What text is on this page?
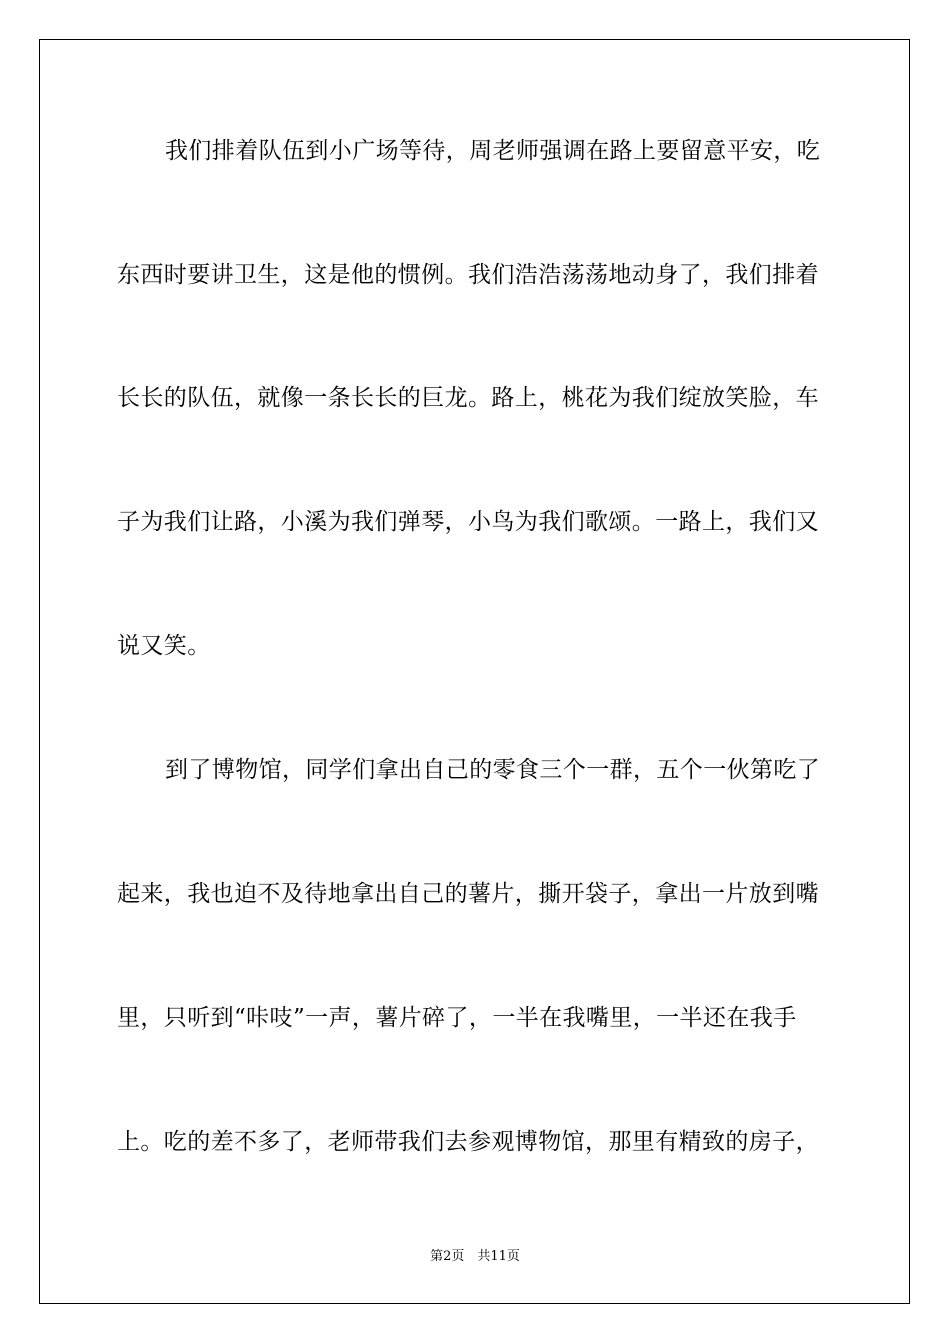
我们排着队伍到小广场等待，周老师强调在路上要留意平安，吃
东西时要讲卫生，这是他的惯例。我们浩浩荡荡地动身了，我们排着
长长的队伍，就像一条长长的巨龙。路上，桃花为我们绽放笑脸，车
子为我们让路，小溪为我们弹琴，小鸟为我们歌颂。一路上，我们又
说又笑。
到了博物馆，同学们拿出自己的零食三个一群，五个一伙第吃了
起来，我也迫不及待地拿出自己的薯片，撕开袋子，拿出一片放到嘴
里，只听到“咔吱”一声，薯片碎了，一半在我嘴里，一半还在我手
上。吃的差不多了，老师带我们去参观博物馆，那里有精致的房子，
第2页　共11页
